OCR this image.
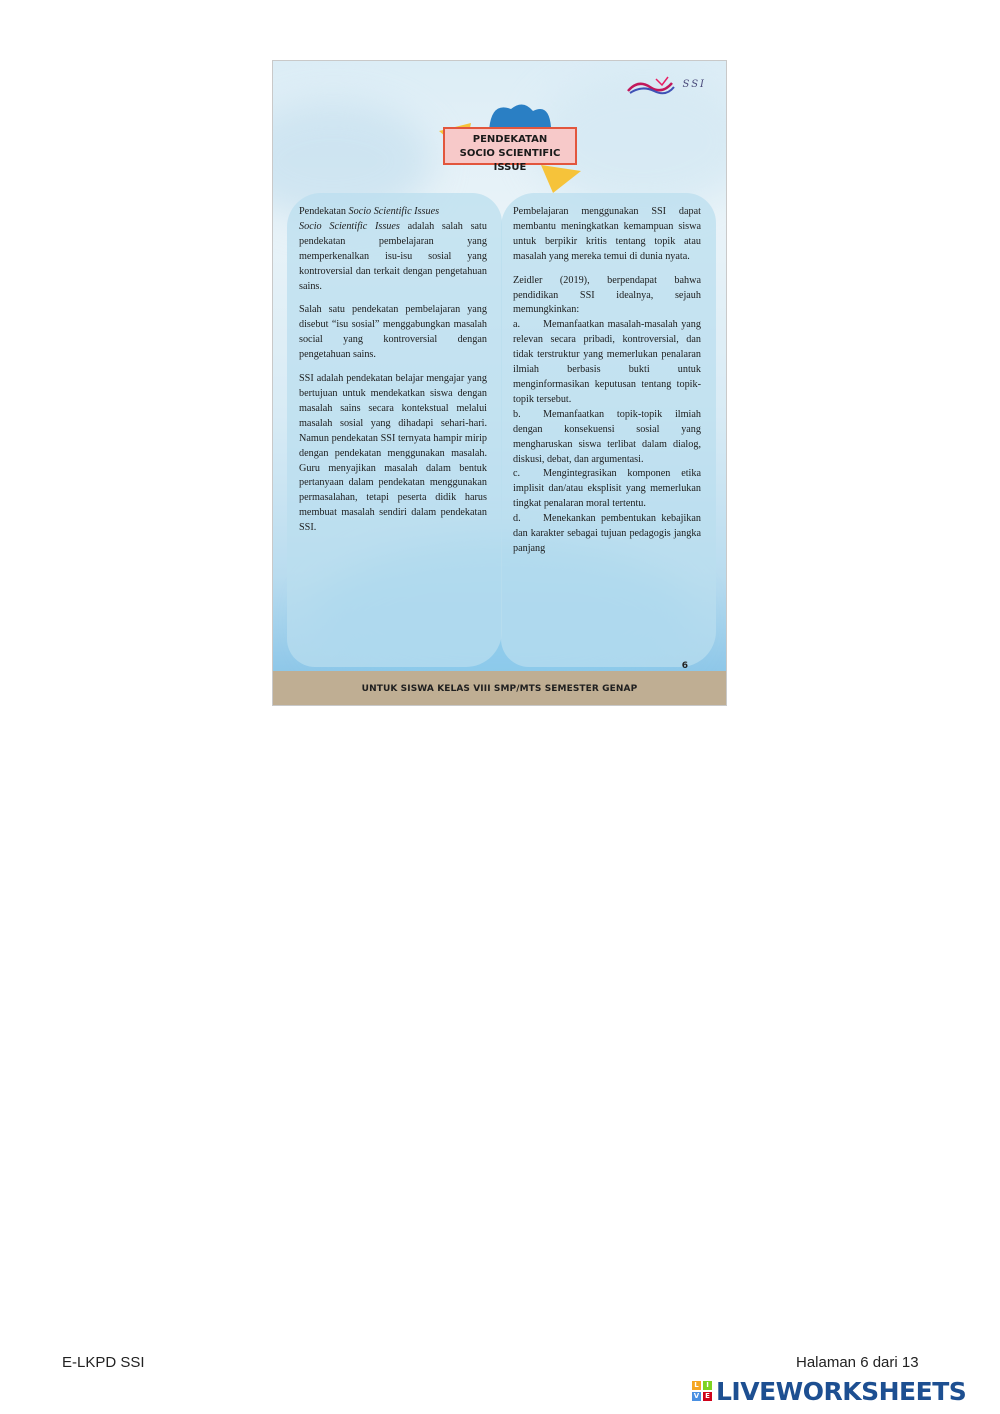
SSI
PENDEKATAN
SOCIO SCIENTIFIC ISSUE

Pendekatan Socio Scientific Issues
Socio Scientific Issues adalah salah satu pendekatan pembelajaran yang memperkenalkan isu-isu sosial yang kontroversial dan terkait dengan pengetahuan sains.

Salah satu pendekatan pembelajaran yang disebut “isu sosial” menggabungkan masalah social yang kontroversial dengan pengetahuan sains.

SSI adalah pendekatan belajar mengajar yang bertujuan untuk mendekatkan siswa dengan masalah sains secara kontekstual melalui masalah sosial yang dihadapi sehari-hari. Namun pendekatan SSI ternyata hampir mirip dengan pendekatan menggunakan masalah. Guru menyajikan masalah dalam bentuk pertanyaan dalam pendekatan menggunakan permasalahan, tetapi peserta didik harus membuat masalah sendiri dalam pendekatan SSI.

Pembelajaran menggunakan SSI dapat membantu meningkatkan kemampuan siswa untuk berpikir kritis tentang topik atau masalah yang mereka temui di dunia nyata.

Zeidler (2019), berpendapat bahwa pendidikan SSI idealnya, sejauh memungkinkan:

a. Memanfaatkan masalah-masalah yang relevan secara pribadi, kontroversial, dan tidak terstruktur yang memerlukan penalaran ilmiah berbasis bukti untuk menginformasikan keputusan tentang topik-topik tersebut.
b. Memanfaatkan topik-topik ilmiah dengan konsekuensi sosial yang mengharuskan siswa terlibat dalam dialog, diskusi, debat, dan argumentasi.
c. Mengintegrasikan komponen etika implisit dan/atau eksplisit yang memerlukan tingkat penalaran moral tertentu.
d. Menekankan pembentukan kebajikan dan karakter sebagai tujuan pedagogis jangka panjang
6
UNTUK SISWA KELAS VIII SMP/MTS SEMESTER GENAP
E-LKPD SSI	Halaman 6 dari 13
L	I
V E LIVEWORKSHEETS
